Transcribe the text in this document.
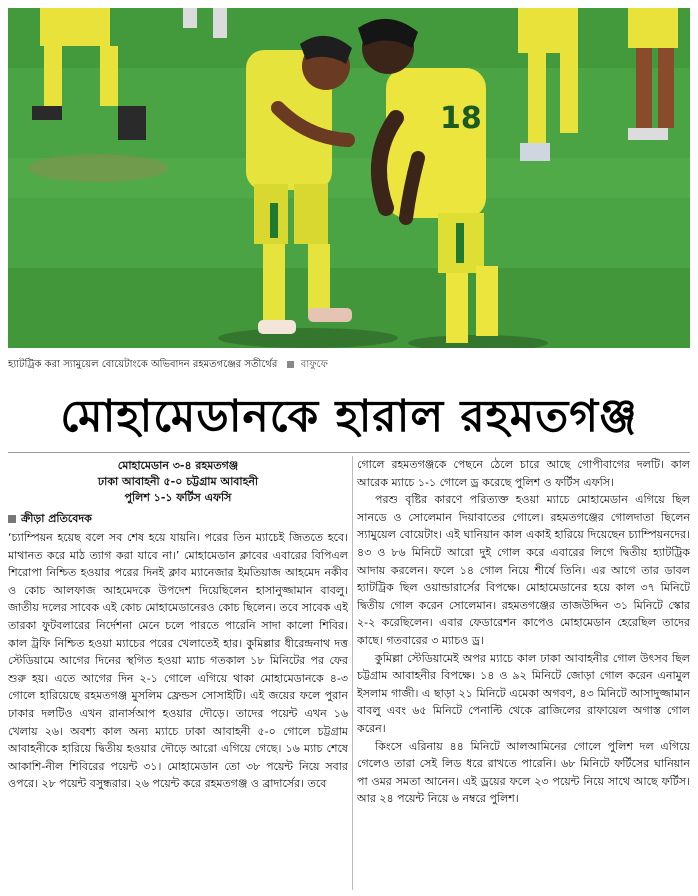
18
হ্যাটট্রিক করা স্যামুয়েল বোয়েটাংকে অভিবাদন রহমতগঞ্জের সতীর্থের বাফুফে
মোহামেডানকে হারাল রহমতগঞ্জ
মোহামেডান ৩-৪ রহমতগঞ্জ
ঢাকা আবাহনী ৫-০ চট্টগ্রাম আবাহনী
পুলিশ ১-১ ফর্টিস এফসি
ক্রীড়া প্রতিবেদক

‘চ্যাম্পিয়ন হয়েছ বলে সব শেষ হয়ে যায়নি। পরের তিন ম্যাচেই জিততে হবে। মাথানত করে মাঠ ত্যাগ করা যাবে না।’ মোহামেডান ক্লাবের এবারের বিপিএল শিরোপা নিশ্চিত হওয়ার পরের দিনই ক্লাব ম্যানেজার ইমতিয়াজ আহমেদ নকীব ও কোচ আলফাজ আহমেদকে উপদেশ দিয়েছিলেন হাসানুজ্জামান বাবলু। জাতীয় দলের সাবেক এই কোচ মোহামেডানেরও কোচ ছিলেন। তবে সাবেক এই তারকা ফুটবলারের নির্দেশনা মেনে চলে পারতে পারেনি সাদা কালো শিবির। কাল ট্রফি নিশ্চিত হওয়া ম্যাচের পরের খেলাতেই হার। কুমিল্লার ধীরেন্দ্রনাথ দত্ত স্টেডিয়ামে আগের দিনের স্থগিত হওয়া ম্যাচ গতকাল ১৮ মিনিটের পর ফের শুরু হয়। এতে আগের দিন ২-১ গোলে এগিয়ে থাকা মোহামেডানকে ৪-৩ গোলে হারিয়েছে রহমতগঞ্জ মুসলিম ফ্রেন্ডস সোসাইটি। এই জয়ের ফলে পুরান ঢাকার দলটিও এখন রানার্সআপ হওয়ার দৌড়ে। তাদের পয়েন্ট এখন ১৬ খেলায় ২৬। অবশ্য কাল অন্য ম্যাচে ঢাকা আবাহনী ৫-০ গোলে চট্টগ্রাম আবাহনীকে হারিয়ে দ্বিতীয় হওয়ার দৌড়ে আরো এগিয়ে গেছে। ১৬ ম্যাচ শেষে আকাশি-নীল শিবিরের পয়েন্ট ৩১। মোহামেডান তো ৩৮ পয়েন্ট নিয়ে সবার ওপরে। ২৮ পয়েন্ট বসুন্ধরার। ২৬ পয়েন্ট করে রহমতগঞ্জ ও ব্রাদার্সের। তবে

গোলে রহমতগঞ্জকে পেছনে ঠেলে চারে আছে গোপীবাগের দলটি। কাল আরেক ম্যাচে ১-১ গোলে ড্র করেছে পুলিশ ও ফর্টিস এফসি।

পরশু বৃষ্টির কারণে পরিত্যক্ত হওয়া ম্যাচে মোহামেডান এগিয়ে ছিল সানডে ও সোলেমান দিয়াবাতের গোলে। রহমতগঞ্জের গোলদাতা ছিলেন স্যামুয়েল বোয়েটাং। এই ঘানিয়ান কাল একাই হারিয়ে দিয়েছেন চ্যাম্পিয়নদের। ৪৩ ও ৮৬ মিনিটে আরো দুই গোল করে এবারের লিগে দ্বিতীয় হ্যাটট্রিক আদায় করলেন। ফলে ১৪ গোল নিয়ে শীর্ষে তিনি। এর আগে তার ডাবল হ্যাটট্রিক ছিল ওয়ান্ডারার্সের বিপক্ষে। মোহামেডানের হয়ে কাল ৩৭ মিনিটে দ্বিতীয় গোল করেন সোলেমান। রহমতগঞ্জের তাজউদ্দিন ৩১ মিনিটে স্কোর ২-২ করেছিলেন। এবার ফেডারেশন কাপেও মোহামেডান হেরেছিল তাদের কাছে। গতবারের ৩ ম্যাচও ড্র।

কুমিল্লা স্টেডিয়ামেই অপর ম্যাচে কাল ঢাকা আবাহনীর গোল উৎসব ছিল চট্টগ্রাম আবাহনীর বিপক্ষে। ১৪ ও ৯২ মিনিটে জোড়া গোল করেন এনামুল ইসলাম গাজী। এ ছাড়া ২১ মিনিটে এমেকা অগবণ, ৪৩ মিনিটে আসাদুজ্জামান বাবলু এবং ৬৫ মিনিটে পেনাল্টি থেকে ব্রাজিলের রাফায়েল অগাস্ত গোল করেন।

কিংসে এরিনায় ৪৪ মিনিটে আলআমিনের গোলে পুলিশ দল এগিয়ে গেলেও তারা সেই লিড ধরে রাখতে পারেনি। ৬৮ মিনিটে ফর্টিসের ঘানিয়ান পা ওমর সমতা আনেন। এই ড্রয়ের ফলে ২৩ পয়েন্ট নিয়ে সাথে আছে ফর্টিস। আর ২৪ পয়েন্ট নিয়ে ৬ নম্বরে পুলিশ।
